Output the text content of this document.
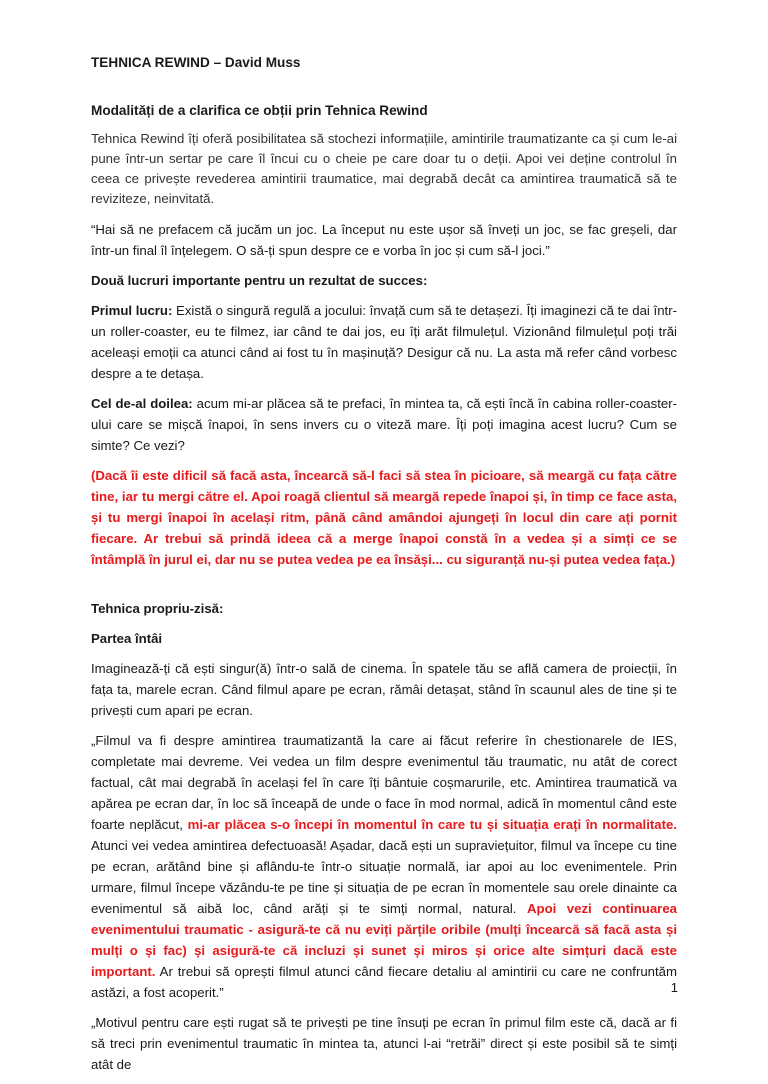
TEHNICA REWIND – David Muss
Modalități de a clarifica ce obții prin Tehnica Rewind

Tehnica Rewind îți oferă posibilitatea să stochezi informațiile, amintirile traumatizante ca și cum le-ai pune într-un sertar pe care îl încui cu o cheie pe care doar tu o deții. Apoi vei deține controlul în ceea ce privește revederea amintirii traumatice, mai degrabă decât ca amintirea traumatică să te revizitezе, neinvitată.

“Hai să ne prefacem că jucăm un joc. La început nu este ușor să înveți un joc, se fac greșeli, dar într-un final îl înțelegem. O să-ți spun despre ce e vorba în joc și cum să-l joci.”

Două lucruri importante pentru un rezultat de succes:

Primul lucru: Există o singură regulă a jocului: învață cum să te detașezi. Îți imaginezi că te dai într-un roller-coaster, eu te filmez, iar când te dai jos, eu îți arăt filmulețul. Vizionând filmulețul poți trăi aceleași emoții ca atunci când ai fost tu în mașinuță? Desigur că nu. La asta mă refer când vorbesc despre a te detașa.

Cel de-al doilea: acum mi-ar plăcea să te prefaci, în mintea ta, că ești încă în cabina roller-coaster-ului care se mișcă înapoi, în sens invers cu o viteză mare. Îți poți imagina acest lucru? Cum se simte? Ce vezi?

(Dacă îi este dificil să facă asta, încearcă să-l faci să stea în picioare, să meargă cu fața către tine, iar tu mergi către el. Apoi roagă clientul să meargă repede înapoi și, în timp ce face asta, și tu mergi înapoi în același ritm, până când amândoi ajungeți în locul din care ați pornit fiecare. Ar trebui să prindă ideea că a merge înapoi constă în a vedea și a simți ce se întâmplă în jurul ei, dar nu se putea vedea pe ea însăși... cu siguranță nu-și putea vedea fața.)

Tehnica propriu-zisă:

Partea întâi

Imaginează-ți că ești singur(ă) într-o sală de cinema. În spatele tău se află camera de proiecții, în fața ta, marele ecran. Când filmul apare pe ecran, rămâi detașat, stând în scaunul ales de tine și te privești cum apari pe ecran.

„Filmul va fi despre amintirea traumatizantă la care ai făcut referire în chestionarele de IES, completate mai devreme. Vei vedea un film despre evenimentul tău traumatic, nu atât de corect factual, cât mai degrabă în același fel în care îți bântuie coșmarurile, etc. Amintirea traumatică va apărea pe ecran dar, în loc să înceapă de unde o face în mod normal, adică în momentul când este foarte neplăcut, mi-ar plăcea s-o începi în momentul în care tu și situația erați în normalitate. Atunci vei vedea amintirea defectuoasă! Așadar, dacă ești un supraviețuitor, filmul va începe cu tine pe ecran, arătând bine și aflându-te într-o situație normală, iar apoi au loc evenimentele. Prin urmare, filmul începe văzându-te pe tine și situația de pe ecran în momentele sau orele dinainte ca evenimentul să aibă loc, când arăți și te simți normal, natural. Apoi vezi continuarea evenimentului traumatic - asigură-te că nu eviți părțile oribile (mulți încearcă să facă asta și mulți o și fac) și asigură-te că incluzi și sunet și miros și orice alte simțuri dacă este important. Ar trebui să oprești filmul atunci când fiecare detaliu al amintirii cu care ne confruntăm astăzi, a fost acoperit.”

„Motivul pentru care ești rugat să te privești pe tine însuți pe ecran în primul film este că, dacă ar fi să treci prin evenimentul traumatic în mintea ta, atunci l-ai “retrăi” direct și este posibil să te simți atât de

1
